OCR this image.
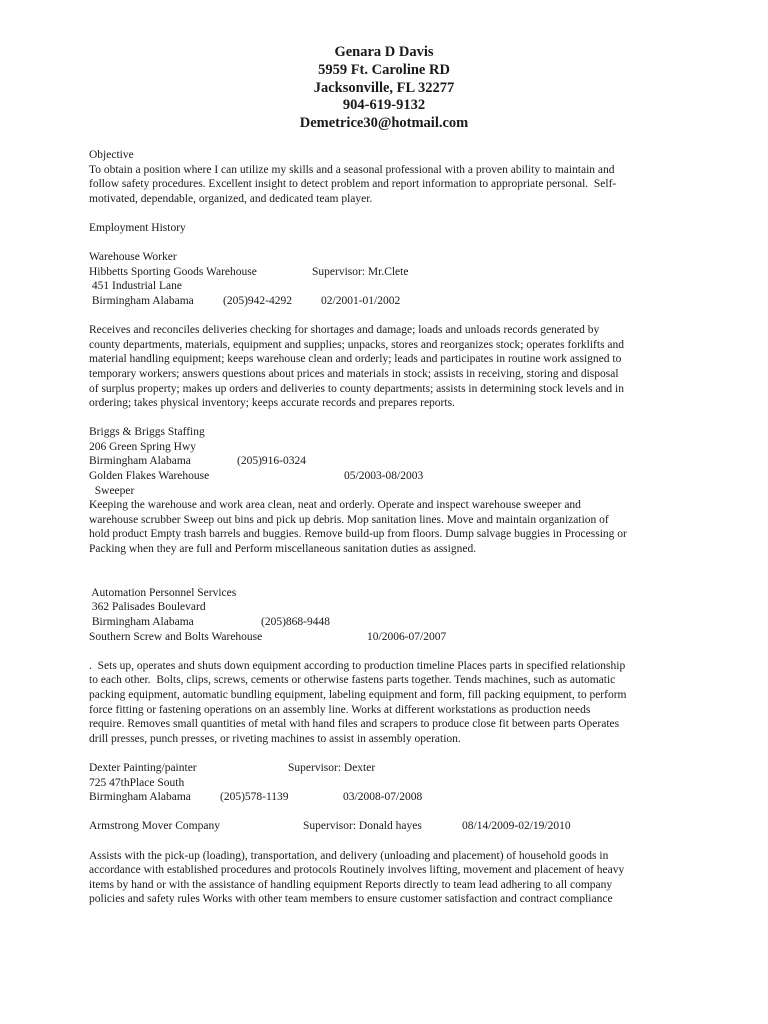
Genara D Davis
5959 Ft. Caroline RD
Jacksonville, FL 32277
904-619-9132
Demetrice30@hotmail.com
Objective
To obtain a position where I can utilize my skills and a seasonal professional with a proven ability to maintain and
follow safety procedures. Excellent insight to detect problem and report information to appropriate personal.  Self-
motivated, dependable, organized, and dedicated team player.
Employment History
Warehouse Worker

Hibbetts Sporting Goods Warehouse

	Supervisor: Mr.Clete

451 Industrial Lane

Birmingham Alabama

	(205)942-4292

	02/2001-01/2002

Receives and reconciles deliveries checking for shortages and damage; loads and unloads records generated by
county departments, materials, equipment and supplies; unpacks, stores and reorganizes stock; operates forklifts and
material handling equipment; keeps warehouse clean and orderly; leads and participates in routine work assigned to
temporary workers; answers questions about prices and materials in stock; assists in receiving, storing and disposal
of surplus property; makes up orders and deliveries to county departments; assists in determining stock levels and in
ordering; takes physical inventory; keeps accurate records and prepares reports.
Briggs & Briggs Staffing
206 Green Spring Hwy

Birmingham Alabama

	(205)916-0324

Golden Flakes Warehouse

	05/2003-08/2003

Sweeper
Keeping the warehouse and work area clean, neat and orderly. Operate and inspect warehouse sweeper and
warehouse scrubber Sweep out bins and pick up debris. Mop sanitation lines. Move and maintain organization of
hold product Empty trash barrels and buggies. Remove build-up from floors. Dump salvage buggies in Processing or
Packing when they are full and Perform miscellaneous sanitation duties as assigned.
Automation Personnel Services
362 Palisades Boulevard

Birmingham Alabama

	(205)868-9448

Southern Screw and Bolts Warehouse

	10/2006-07/2007

.  Sets up, operates and shuts down equipment according to production timeline Places parts in specified relationship
to each other.  Bolts, clips, screws, cements or otherwise fastens parts together. Tends machines, such as automatic
packing equipment, automatic bundling equipment, labeling equipment and form, fill packing equipment, to perform
force fitting or fastening operations on an assembly line. Works at different workstations as production needs
require. Removes small quantities of metal with hand files and scrapers to produce close fit between parts Operates
drill presses, punch presses, or riveting machines to assist in assembly operation.

Dexter Painting/painter

	Supervisor: Dexter

725 47thPlace South

Birmingham Alabama

	(205)578-1139

	03/2008-07/2008

Armstrong Mover Company

	Supervisor: Donald hayes

	08/14/2009-02/19/2010

Assists with the pick-up (loading), transportation, and delivery (unloading and placement) of household goods in
accordance with established procedures and protocols Routinely involves lifting, movement and placement of heavy
items by hand or with the assistance of handling equipment Reports directly to team lead adhering to all company
policies and safety rules Works with other team members to ensure customer satisfaction and contract compliance
